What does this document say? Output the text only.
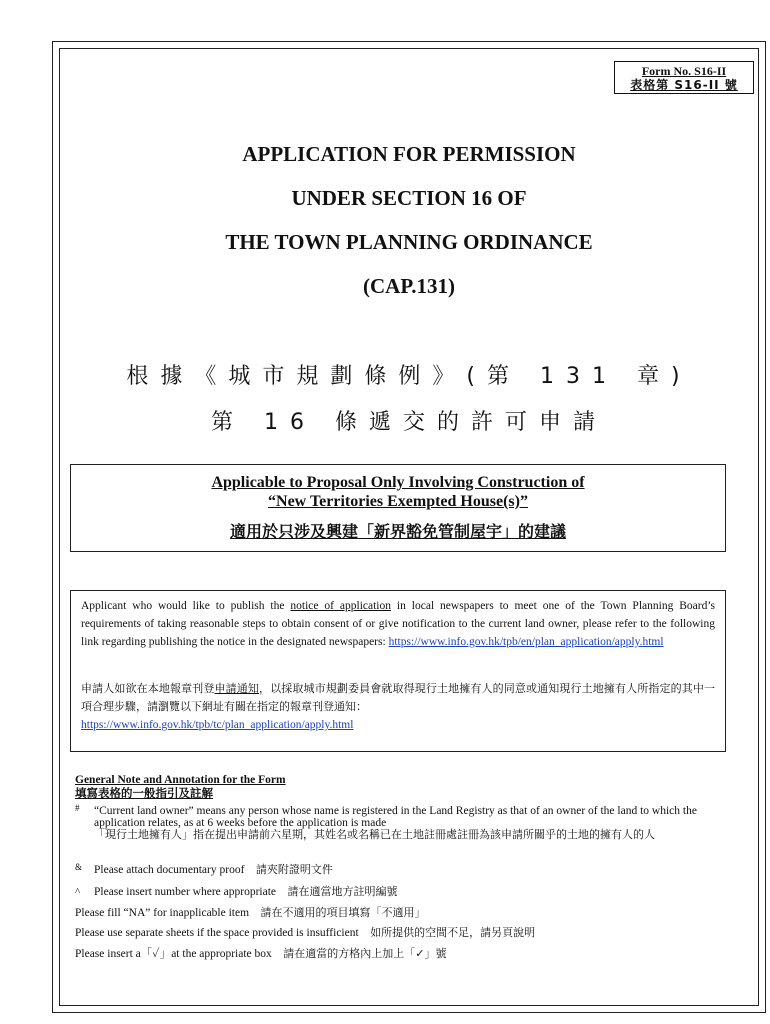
Form No. S16-II
表格第 S16-II 號
APPLICATION FOR PERMISSION
UNDER SECTION 16 OF
THE TOWN PLANNING ORDINANCE
(CAP.131)
根據《城市規劃條例》(第 131 章)
第 16 條遞交的許可申請
Applicable to Proposal Only Involving Construction of
“New Territories Exempted House(s)”
適用於只涉及興建「新界豁免管制屋宇」的建議
Applicant who would like to publish the notice of application in local newspapers to meet one of the Town Planning Board’s requirements of taking reasonable steps to obtain consent of or give notification to the current land owner, please refer to the following link regarding publishing the notice in the designated newspapers: https://www.info.gov.hk/tpb/en/plan_application/apply.html
申請人如欲在本地報章刊登申請通知，以採取城市規劃委員會就取得現行土地擁有人的同意或通知現行土地擁有人所指定的其中一項合理步驟，請瀏覽以下網址有關在指定的報章刊登通知：
https://www.info.gov.hk/tpb/tc/plan_application/apply.html
General Note and Annotation for the Form
填寫表格的一般指引及註解
# “Current land owner” means any person whose name is registered in the Land Registry as that of an owner of the land to which the application relates, as at 6 weeks before the application is made
「現行土地擁有人」指在提出申請前六星期，其姓名或名稱已在土地註冊處註冊為該申請所關乎的土地的擁有人的人
& Please attach documentary proof 請夾附證明文件
^ Please insert number where appropriate 請在適當地方註明編號
Please fill “NA” for inapplicable item 請在不適用的項目填寫「不適用」
Please use separate sheets if the space provided is insufficient 如所提供的空間不足，請另頁說明
Please insert a「✓」at the appropriate box 請在適當的方格內上加上「✓」號
